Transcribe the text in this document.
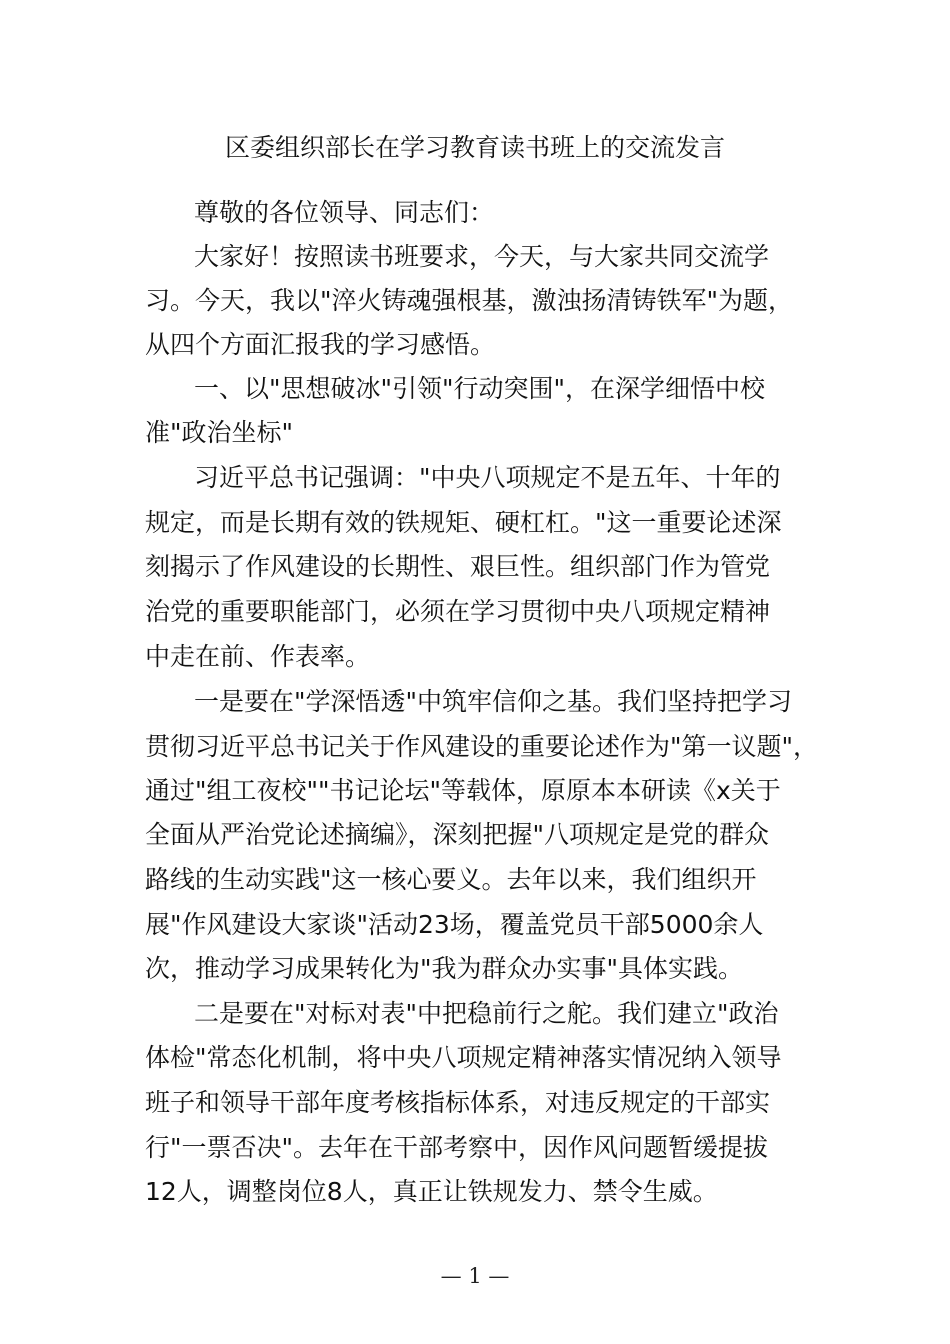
区委组织部长在学习教育读书班上的交流发言
尊敬的各位领导、同志们：
大家好！按照读书班要求，今天，与大家共同交流学
习。今天，我以"淬火铸魂强根基，激浊扬清铸铁军"为题，
从四个方面汇报我的学习感悟。
一、以"思想破冰"引领"行动突围"，在深学细悟中校
准"政治坐标"
习近平总书记强调："中央八项规定不是五年、十年的
规定，而是长期有效的铁规矩、硬杠杠。"这一重要论述深
刻揭示了作风建设的长期性、艰巨性。组织部门作为管党
治党的重要职能部门，必须在学习贯彻中央八项规定精神
中走在前、作表率。
一是要在"学深悟透"中筑牢信仰之基。我们坚持把学习
贯彻习近平总书记关于作风建设的重要论述作为"第一议题"，
通过"组工夜校""书记论坛"等载体，原原本本研读《x关于
全面从严治党论述摘编》，深刻把握"八项规定是党的群众
路线的生动实践"这一核心要义。去年以来，我们组织开
展"作风建设大家谈"活动23场，覆盖党员干部5000余人
次，推动学习成果转化为"我为群众办实事"具体实践。
二是要在"对标对表"中把稳前行之舵。我们建立"政治
体检"常态化机制，将中央八项规定精神落实情况纳入领导
班子和领导干部年度考核指标体系，对违反规定的干部实
行"一票否决"。去年在干部考察中，因作风问题暂缓提拔
12人，调整岗位8人，真正让铁规发力、禁令生威。
— 1 —
